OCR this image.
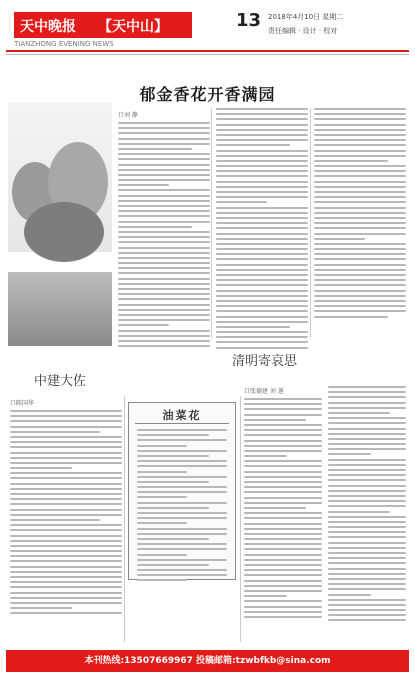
天中晚报 【天中山】
TIANZHONG EVENING NEWS
13 2018年4月10日 星期二
责任编辑 · 设计 · 校对
郁金香花开香满园
口刘 静
中建大佐
口陈国华
油菜花
清明寄哀思
口张德建 刘 莲
本刊热线:13507669967 投稿邮箱:tzwbfkb@sina.com
